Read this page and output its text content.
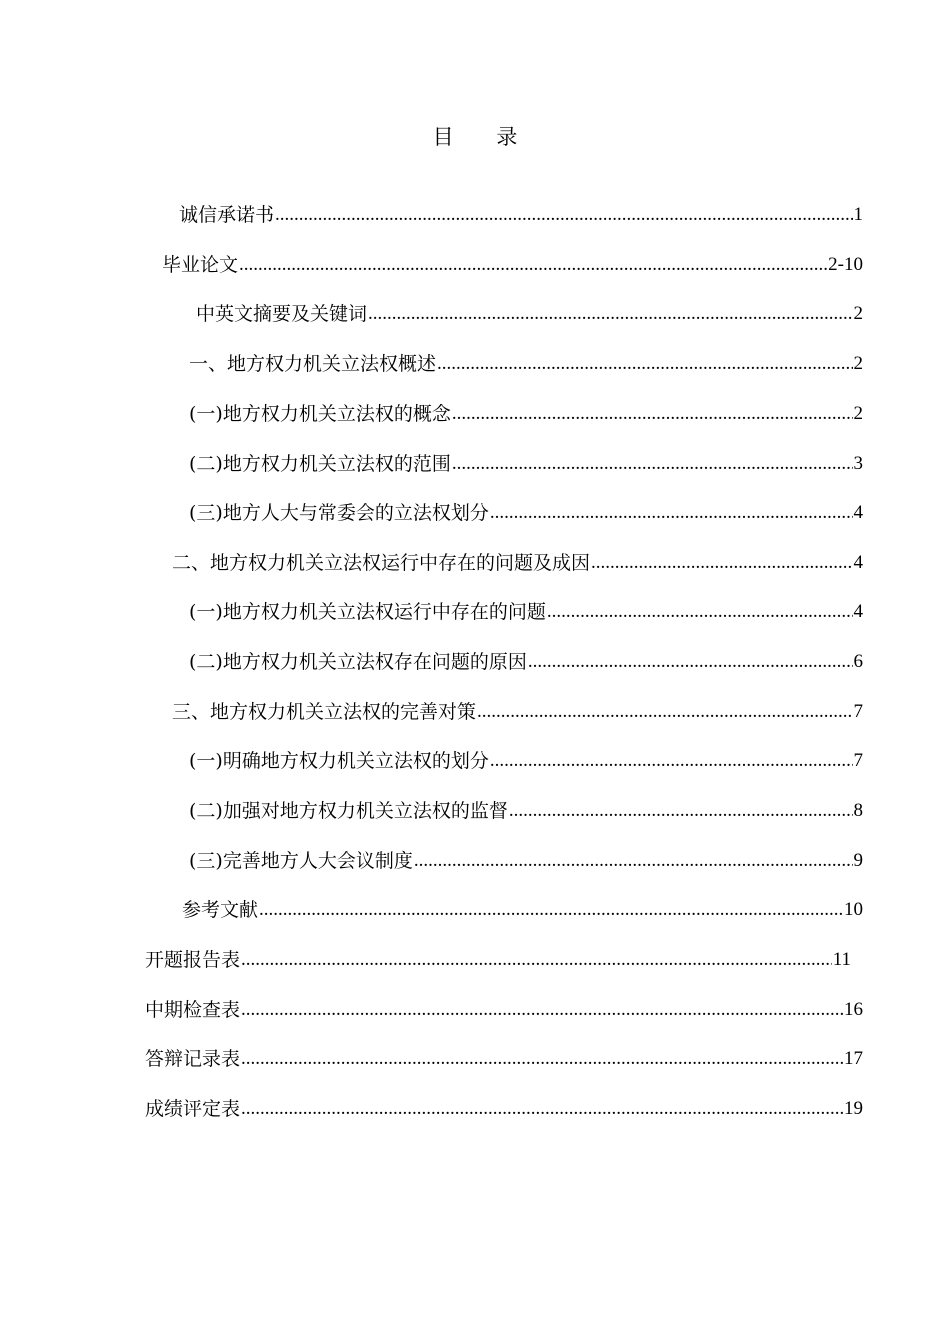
目 录
诚信承诺书 .....	1
毕业论文 .....	2-10
中英文摘要及关键词 .....	2
一、地方权力机关立法权概述 .....	2
(一)地方权力机关立法权的概念 .....	2
(二)地方权力机关立法权的范围 .....	3
(三)地方人大与常委会的立法权划分 .....	4
二、地方权力机关立法权运行中存在的问题及成因 .....	4
(一)地方权力机关立法权运行中存在的问题 .....	4
(二)地方权力机关立法权存在问题的原因 .....	6
三、地方权力机关立法权的完善对策 .....	7
(一)明确地方权力机关立法权的划分 .....	7
(二)加强对地方权力机关立法权的监督 .....	8
(三)完善地方人大会议制度 .....	9
参考文献 .....	10
开题报告表 .....	11
中期检查表 .....	16
答辩记录表 .....	17
成绩评定表 .....	19
